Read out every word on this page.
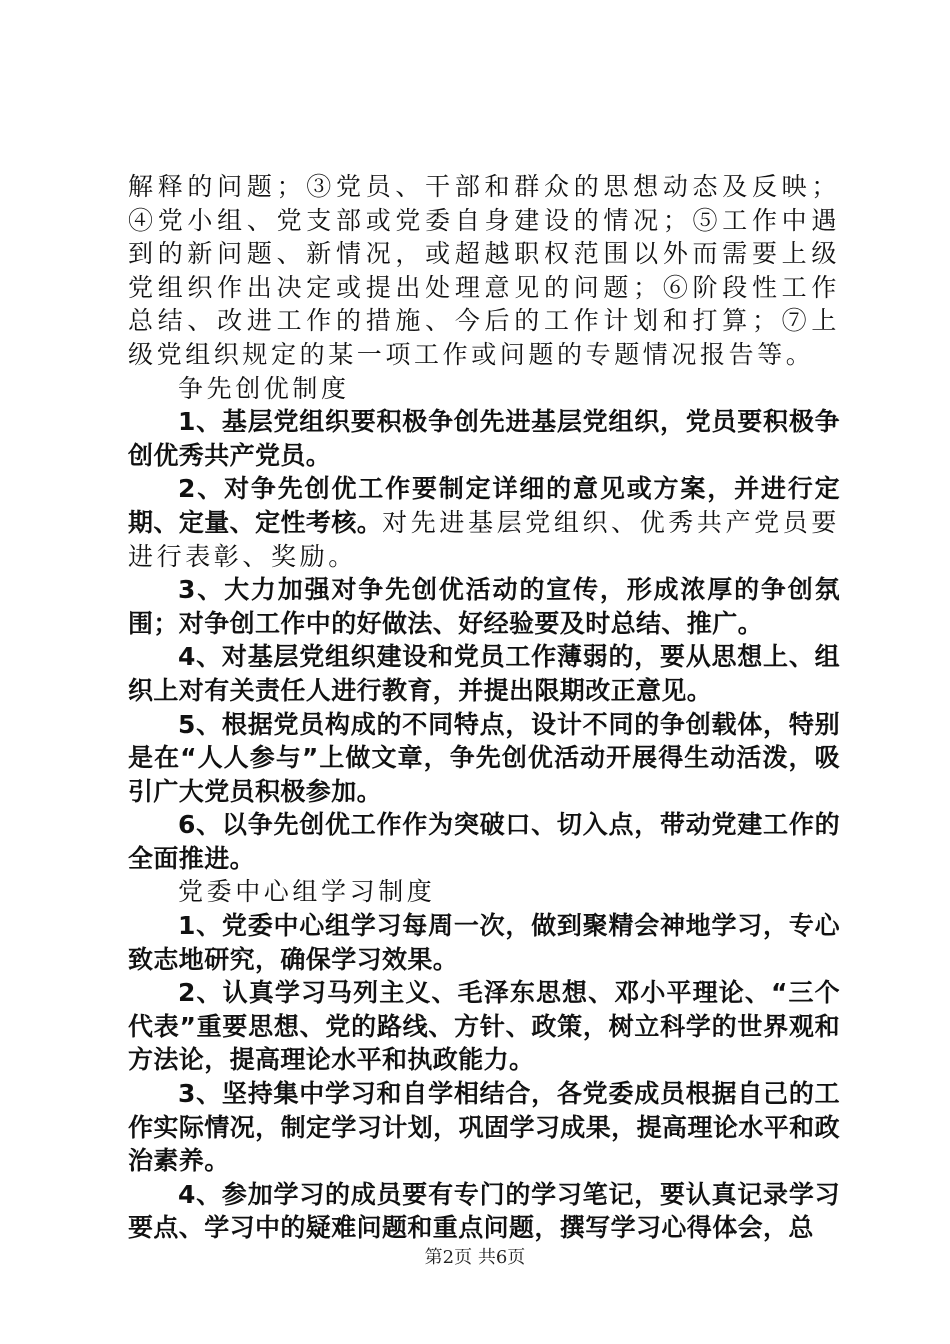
解释的问题；③党员、干部和群众的思想动态及反映；④党小组、党支部或党委自身建设的情况；⑤工作中遇到的新问题、新情况，或超越职权范围以外而需要上级党组织作出决定或提出处理意见的问题；⑥阶段性工作总结、改进工作的措施、今后的工作计划和打算；⑦上级党组织规定的某一项工作或问题的专题情况报告等。

争先创优制度

1、基层党组织要积极争创先进基层党组织，党员要积极争创优秀共产党员。

2、对争先创优工作要制定详细的意见或方案，并进行定期、定量、定性考核。对先进基层党组织、优秀共产党员要进行表彰、奖励。

3、大力加强对争先创优活动的宣传，形成浓厚的争创氛围；对争创工作中的好做法、好经验要及时总结、推广。

4、对基层党组织建设和党员工作薄弱的，要从思想上、组织上对有关责任人进行教育，并提出限期改正意见。

5、根据党员构成的不同特点，设计不同的争创载体，特别是在“人人参与”上做文章，争先创优活动开展得生动活泼，吸引广大党员积极参加。

6、以争先创优工作作为突破口、切入点，带动党建工作的全面推进。

党委中心组学习制度

1、党委中心组学习每周一次，做到聚精会神地学习，专心致志地研究，确保学习效果。

2、认真学习马列主义、毛泽东思想、邓小平理论、“三个代表”重要思想、党的路线、方针、政策，树立科学的世界观和方法论，提高理论水平和执政能力。

3、坚持集中学习和自学相结合，各党委成员根据自己的工作实际情况，制定学习计划，巩固学习成果，提高理论水平和政治素养。

4、参加学习的成员要有专门的学习笔记，要认真记录学习要点、学习中的疑难问题和重点问题，撰写学习心得体会，总

第2页 共6页
